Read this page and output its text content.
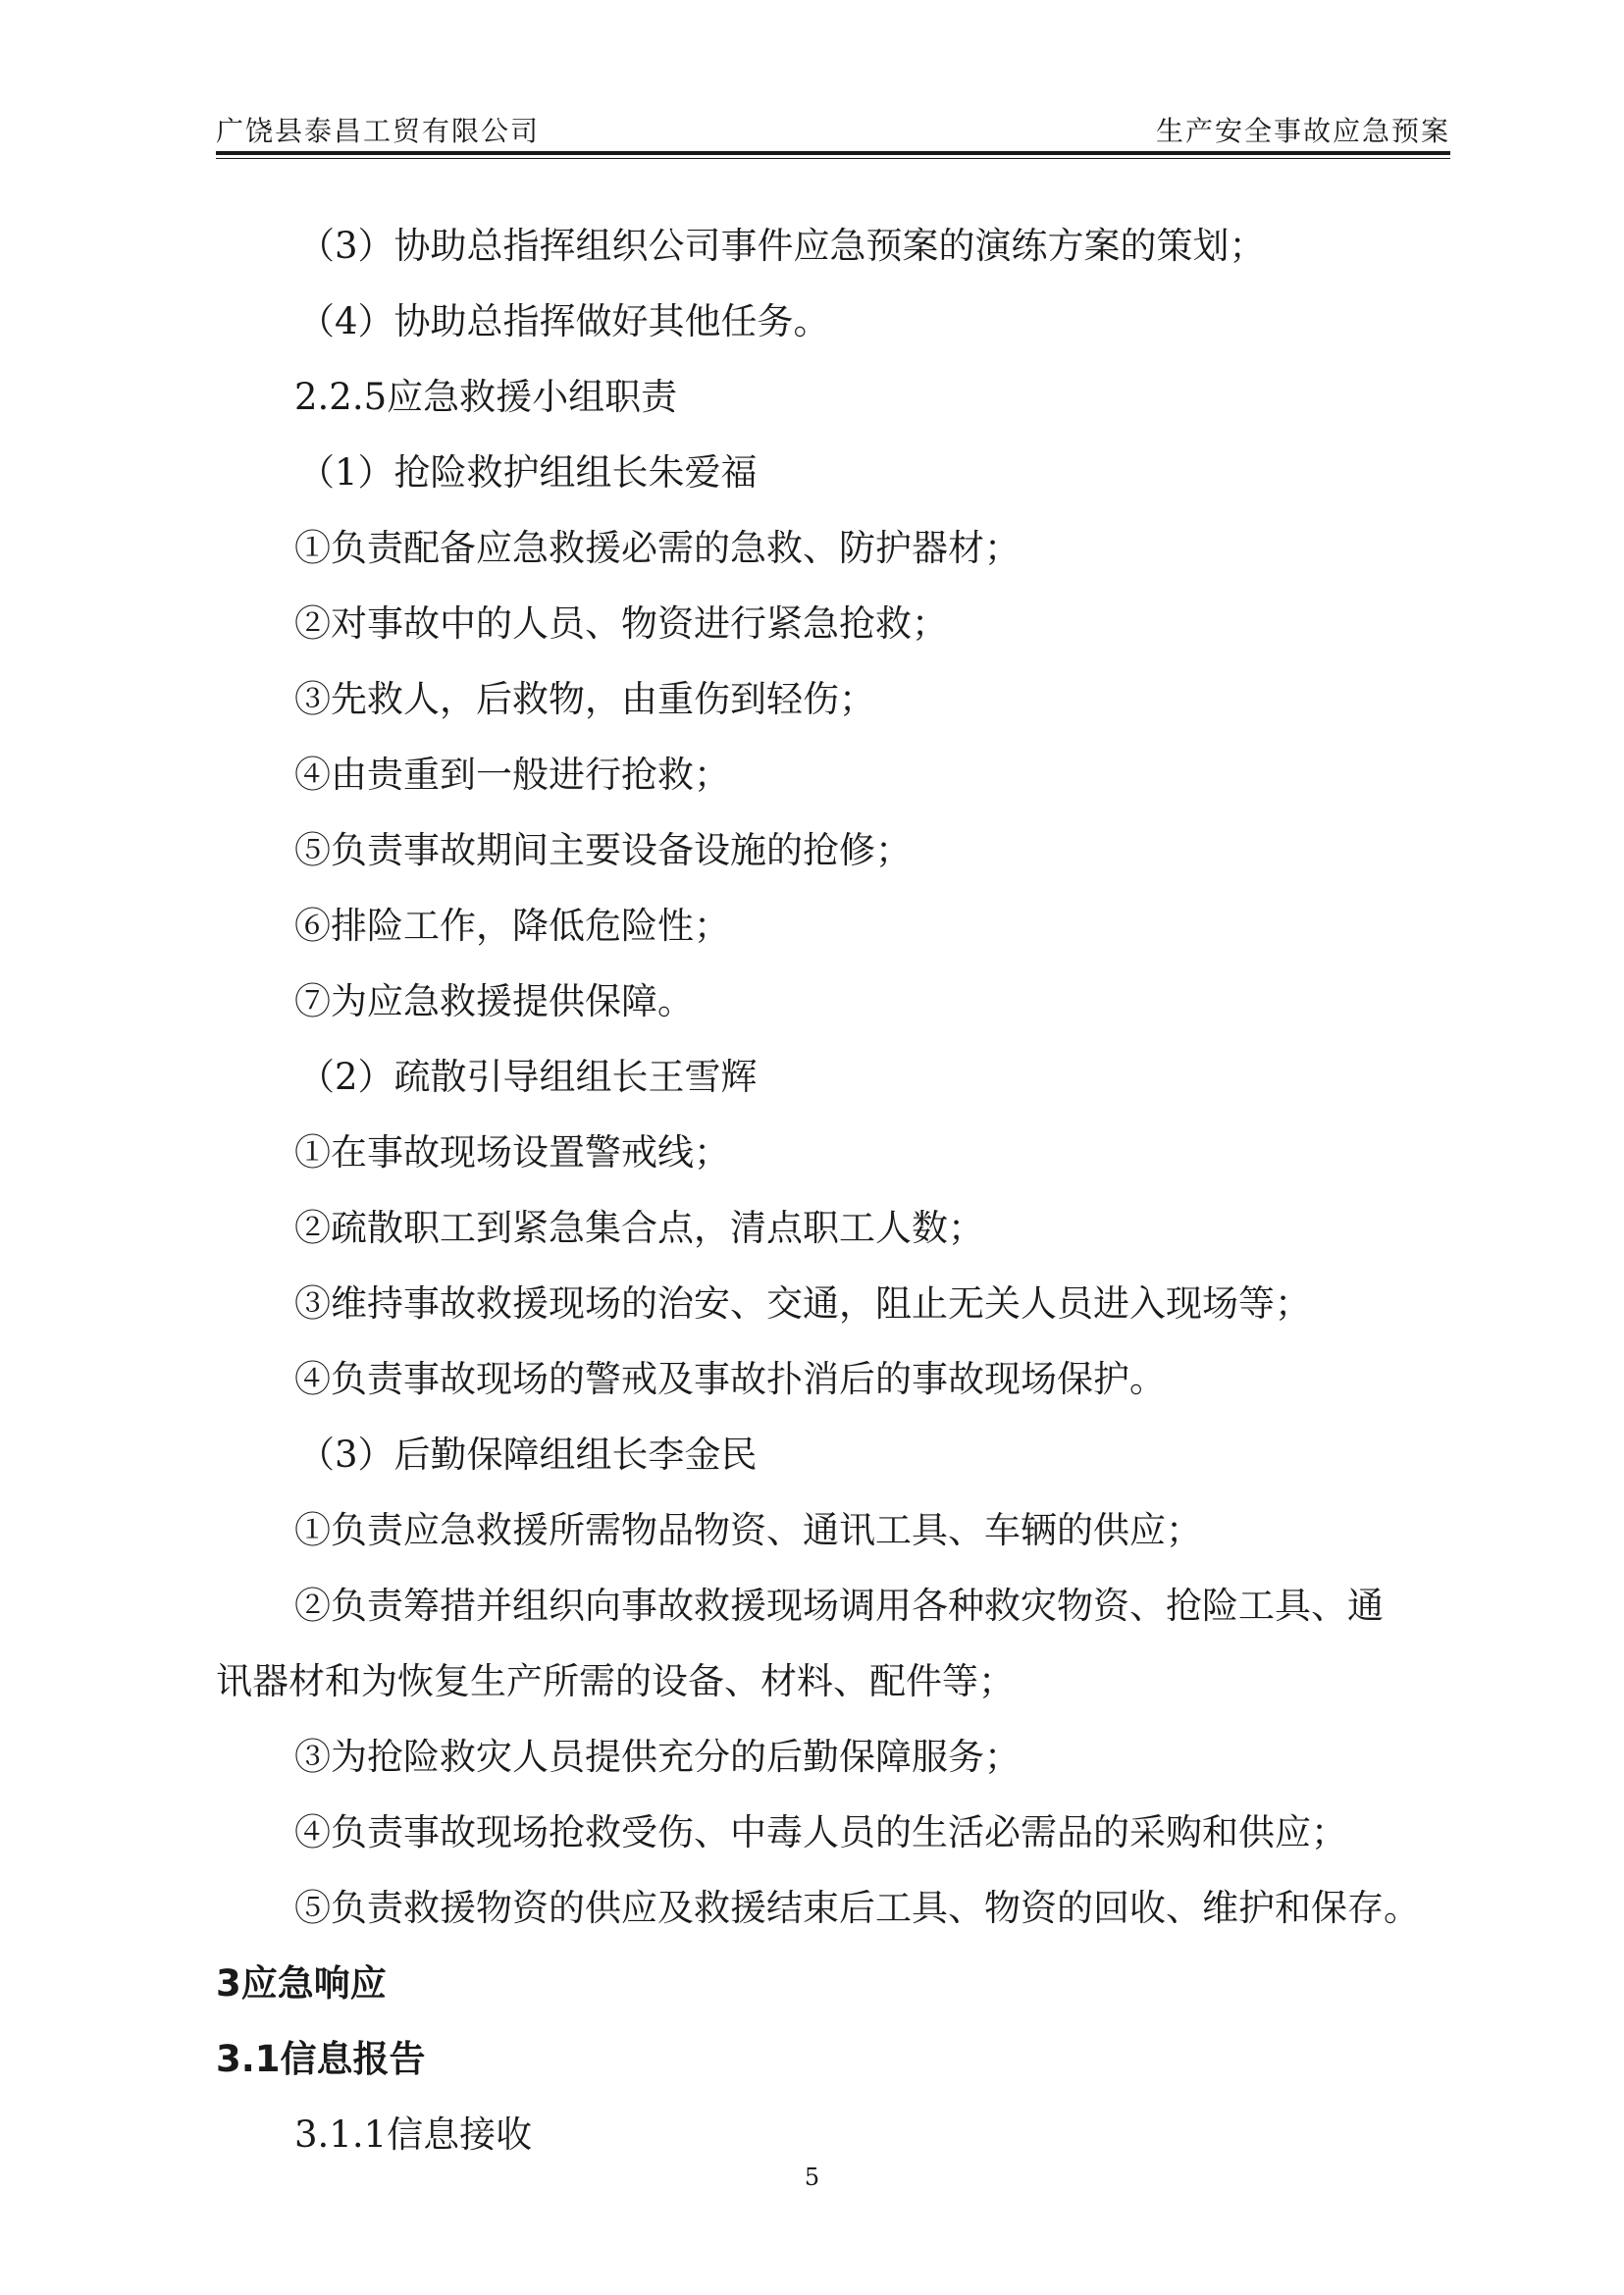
广饶县泰昌工贸有限公司	生产安全事故应急预案
（3）协助总指挥组织公司事件应急预案的演练方案的策划；
（4）协助总指挥做好其他任务。
2.2.5应急救援小组职责
（1）抢险救护组组长朱爱福
①负责配备应急救援必需的急救、防护器材；
②对事故中的人员、物资进行紧急抢救；
③先救人，后救物，由重伤到轻伤；
④由贵重到一般进行抢救；
⑤负责事故期间主要设备设施的抢修；
⑥排险工作，降低危险性；
⑦为应急救援提供保障。
（2）疏散引导组组长王雪辉
①在事故现场设置警戒线；
②疏散职工到紧急集合点，清点职工人数；
③维持事故救援现场的治安、交通，阻止无关人员进入现场等；
④负责事故现场的警戒及事故扑消后的事故现场保护。
（3）后勤保障组组长李金民
①负责应急救援所需物品物资、通讯工具、车辆的供应；
②负责筹措并组织向事故救援现场调用各种救灾物资、抢险工具、通
讯器材和为恢复生产所需的设备、材料、配件等；
③为抢险救灾人员提供充分的后勤保障服务；
④负责事故现场抢救受伤、中毒人员的生活必需品的采购和供应；
⑤负责救援物资的供应及救援结束后工具、物资的回收、维护和保存。
3应急响应
3.1信息报告
3.1.1信息接收
5
